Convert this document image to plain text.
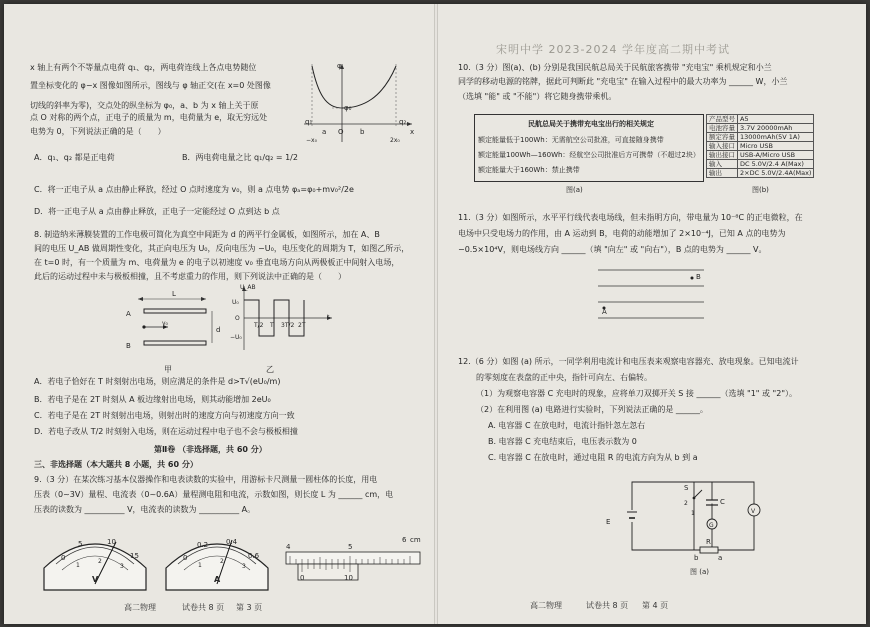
x 轴上有两个不等量点电荷 q₁、q₂，两电荷连线上各点电势随位
置坐标变化的 φ−x 图像如图所示，图线与 φ 轴正交(在 x=0 处图像
切线的斜率为零)，交点处的纵坐标为 φ₀，a、b 为 x 轴上关于原
点 O 对称的两个点，正电子的质量为 m，电荷量为 e，取无穷远处
电势为 0，下列说法正确的是（　　）
A．q₁、q₂ 都是正电荷	B．两电荷电量之比 q₁/q₂ = 1/2
C．将一正电子从 a 点由静止释放，经过 O 点时速度为 v₀，则 a 点电势 φₐ=φ₀+mv₀²/2e
D．将一正电子从 a 点由静止释放，正电子一定能经过 O 点到达 b 点
φ
φ₀
q₁	q₂
O
a	b	x
−x₀	2x₀
8. 制造纳米薄膜装置的工作电极可简化为真空中间距为 d 的两平行金属板，如图所示，加在 A、B
间的电压 U_AB 做周期性变化，其正向电压为 U₀，反向电压为 −U₀，电压变化的周期为 T，如图乙所示，
在 t=0 时，有一个质量为 m、电荷量为 e 的电子以初速度 v₀ 垂直电场方向从两极板正中间射入电场，
此后的运动过程中未与极板相撞，且不考虑重力的作用，则下列说法中正确的是（　　）
L
A
B
d
v₀
甲
U_AB
U₀
−U₀
O	t
T/2 T 3T/2 2T
乙
A．若电子恰好在 T 时刻射出电场，则应满足的条件是 d>T√(eU₀/m)
B．若电子是在 2T 时刻从 A 板边缘射出电场，则其动能增加 2eU₀
C．若电子是在 2T 时刻射出电场，则射出时的速度方向与初速度方向一致
D．若电子改从 T/2 时刻射入电场，则在运动过程中电子也不会与极板相撞
第Ⅱ卷 （非选择题，共 60 分）
三、非选择题（本大题共 8 小题，共 60 分）
9.（3 分）在某次练习基本仪器操作和电表读数的实验中，用游标卡尺测量一圆柱体的长度，用电
压表（0~3V）量程、电流表（0~0.6A）量程测电阻和电流，示数如图，则长度 L 为 ______ cm，电
压表的读数为 __________ V，电流表的读数为 __________ A。
0
5	10
15
1
2
3
V
0
0.2	0.4
0.6
1
2
3
A
4	5
6 cm
0	10
高二物理	试卷共 8 页 第 3 页
宋明中学 2023-2024 学年度高二期中考试
10.（3 分）图(a)、(b) 分别是我国民航总局关于民航旅客携带 "充电宝" 乘机规定和小兰
同学的移动电源的铭牌，据此可判断此 "充电宝" 在输入过程中的最大功率为 ______ W，小兰
（选填 "能" 或 "不能"）将它随身携带乘机。
民航总局关于携带充电宝出行的相关规定
额定能量低于100Wh：无需航空公司批准，可直接随身携带
额定能量100Wh—160Wh：经航空公司批准后方可携带（不超过2块）
额定能量大于160Wh：禁止携带
图(a)
产品型号	A5
电池容量	3.7V 20000mAh
额定容量	13000mAh(5V 1A)
输入接口	Micro USB
输出接口	USB-A/Micro USB
输入	DC 5.0V/2.4 A(Max)
输出	2×DC 5.0V/2.4A(Max)
图(b)
11.（3 分）如图所示，水平平行线代表电场线，但未指明方向，带电量为 10⁻⁸C 的正电微粒，在
电场中只受电场力的作用，由 A 运动到 B，电荷的动能增加了 2×10⁻⁴J，已知 A 点的电势为
−0.5×10⁴V，则电场线方向 ______（填 "向左" 或 "向右"），B 点的电势为 ______ V。
B
A
12.（6 分）如图 (a) 所示，一同学利用电流计和电压表来观察电容器充、放电现象。已知电流计
的零刻度在表盘的正中央，指针可向左、右偏转。
（1）为观察电容器 C 充电时的现象，应将单刀双掷开关 S 接 ______（选填 "1" 或 "2"）。
（2）在利用图 (a) 电路进行实验时，下列说法正确的是 ______。
A. 电容器 C 在放电时，电流计指针忽左忽右
B. 电容器 C 充电结束后，电压表示数为 0
C. 电容器 C 在放电时，通过电阻 R 的电流方向为从 b 到 a
E
S
2
1
C
G
V
R
b	a
图 (a)
高二物理	试卷共 8 页 第 4 页
